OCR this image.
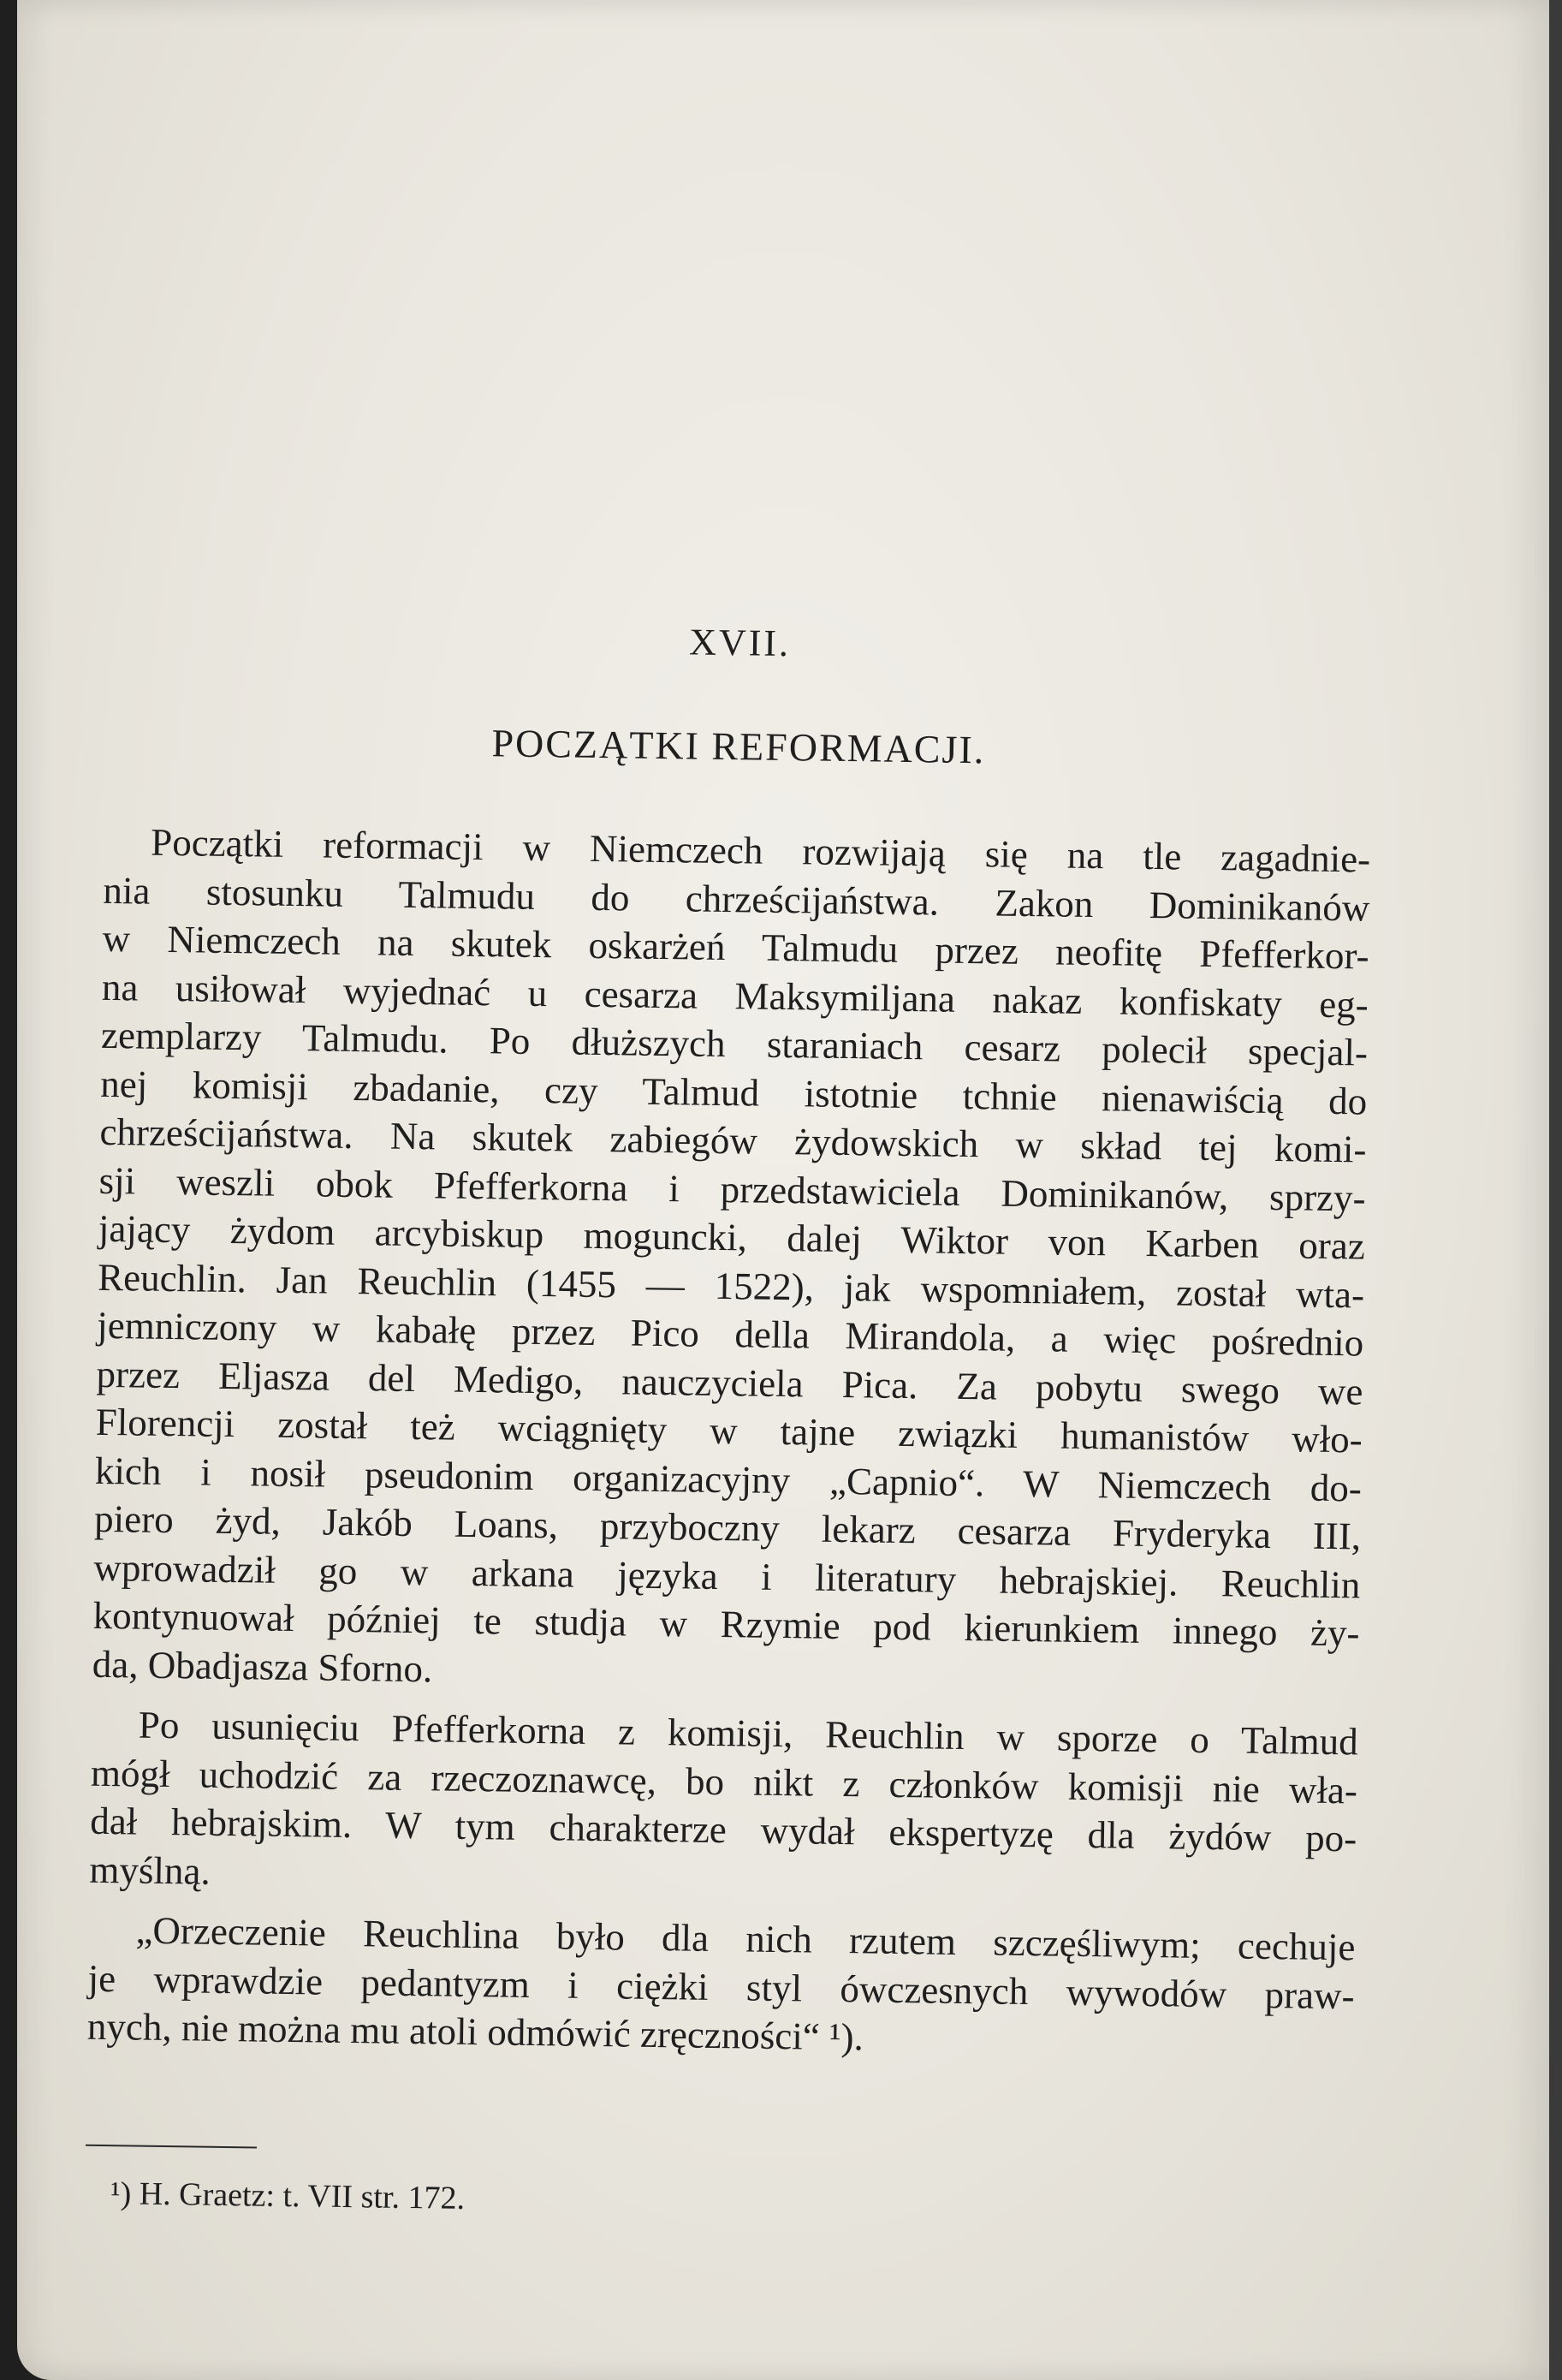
XVII.
POCZĄTKI REFORMACJI.
Początki reformacji w Niemczech rozwijają się na tle zagadnie-
nia stosunku Talmudu do chrześcijaństwa. Zakon Dominikanów
w Niemczech na skutek oskarżeń Talmudu przez neofitę Pfefferkor-
na usiłował wyjednać u cesarza Maksymiljana nakaz konfiskaty eg-
zemplarzy Talmudu. Po dłuższych staraniach cesarz polecił specjal-
nej komisji zbadanie, czy Talmud istotnie tchnie nienawiścią do
chrześcijaństwa. Na skutek zabiegów żydowskich w skład tej komi-
sji weszli obok Pfefferkorna i przedstawiciela Dominikanów, sprzy-
jający żydom arcybiskup moguncki, dalej Wiktor von Karben oraz
Reuchlin. Jan Reuchlin (1455 — 1522), jak wspomniałem, został wta-
jemniczony w kabałę przez Pico della Mirandola, a więc pośrednio
przez Eljasza del Medigo, nauczyciela Pica. Za pobytu swego we
Florencji został też wciągnięty w tajne związki humanistów wło-
kich i nosił pseudonim organizacyjny „Capnio“. W Niemczech do-
piero żyd, Jakób Loans, przyboczny lekarz cesarza Fryderyka III,
wprowadził go w arkana języka i literatury hebrajskiej. Reuchlin
kontynuował później te studja w Rzymie pod kierunkiem innego ży-
da, Obadjasza Sforno.
Po usunięciu Pfefferkorna z komisji, Reuchlin w sporze o Talmud
mógł uchodzić za rzeczoznawcę, bo nikt z członków komisji nie wła-
dał hebrajskim. W tym charakterze wydał ekspertyzę dla żydów po-
myślną.
„Orzeczenie Reuchlina było dla nich rzutem szczęśliwym; cechuje
je wprawdzie pedantyzm i ciężki styl ówczesnych wywodów praw-
nych, nie można mu atoli odmówić zręczności“ ¹).
¹) H. Graetz: t. VII str. 172.
